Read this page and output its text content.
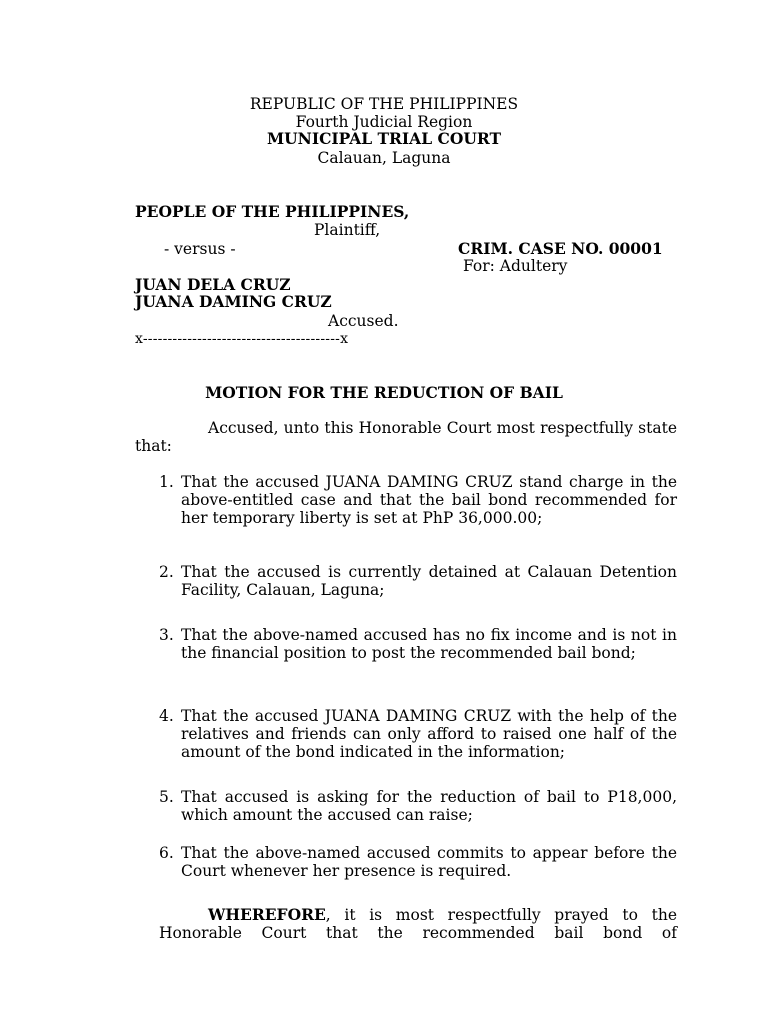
REPUBLIC OF THE PHILIPPINES
Fourth Judicial Region
MUNICIPAL TRIAL COURT
Calauan, Laguna
PEOPLE OF THE PHILIPPINES,
Plaintiff,
- versus -	CRIM. CASE NO. 00001
For: Adultery
JUAN DELA CRUZ
JUANA DAMING CRUZ
Accused.
x----------------------------------------x
MOTION FOR THE REDUCTION OF BAIL
Accused, unto this Honorable Court most respectfully state that:
1. That the accused JUANA DAMING CRUZ stand charge in the above-entitled case and that the bail bond recommended for her temporary liberty is set at PhP 36,000.00;
2. That the accused is currently detained at Calauan Detention Facility, Calauan, Laguna;
3. That the above-named accused has no fix income and is not in the financial position to post the recommended bail bond;
4. That the accused JUANA DAMING CRUZ with the help of the relatives and friends can only afford to raised one half of the amount of the bond indicated in the information;
5. That accused is asking for the reduction of bail to P18,000, which amount the accused can raise;
6. That the above-named accused commits to appear before the Court whenever her presence is required.
WHEREFORE, it is most respectfully prayed to the
Honorable Court that the recommended bail bond of
